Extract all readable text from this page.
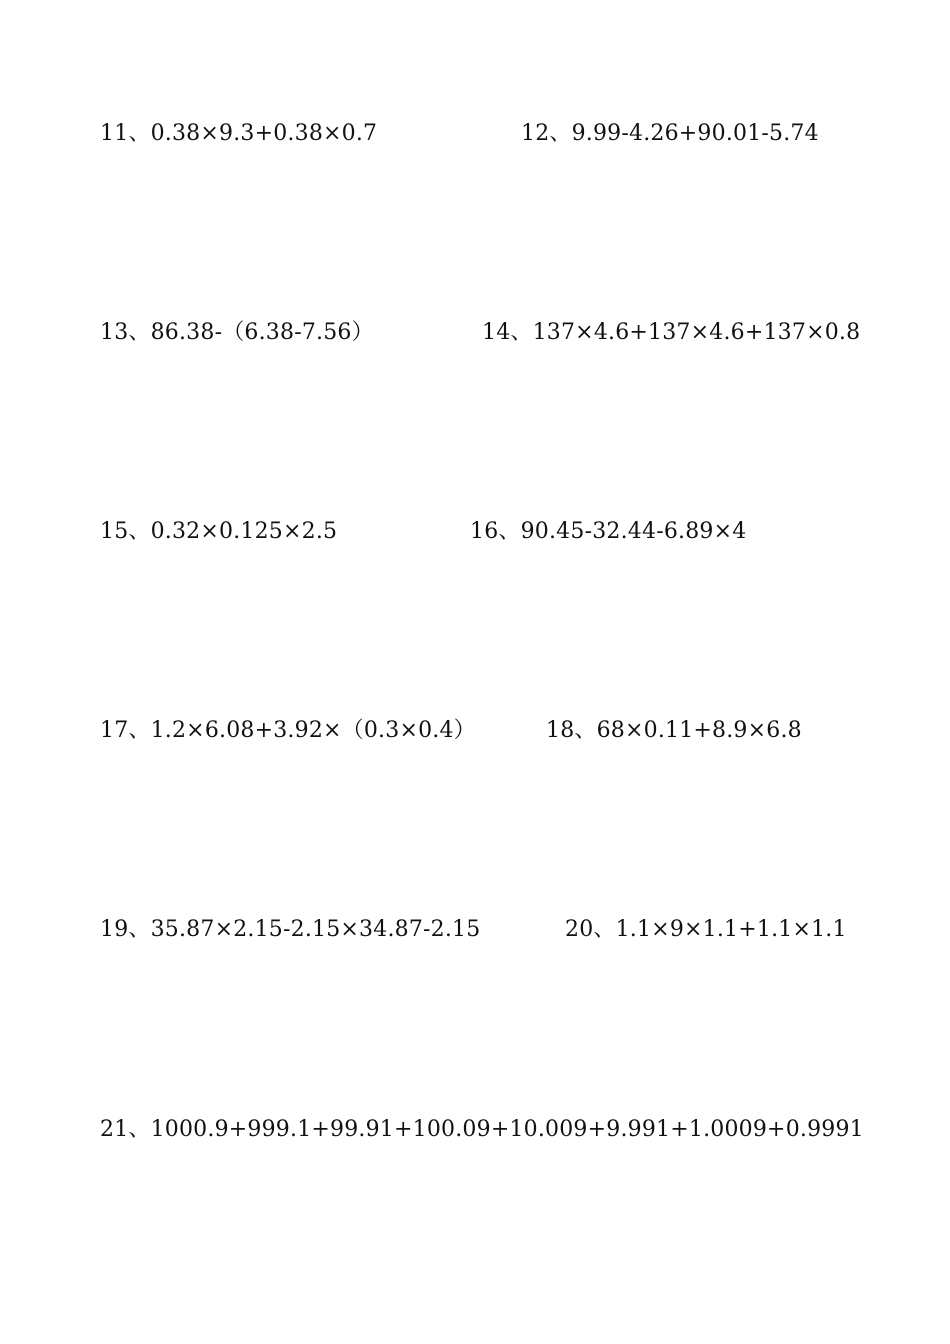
11、0.38×9.3+0.38×0.7	12、9.99-4.26+90.01-5.74
13、86.38-（6.38-7.56）	14、137×4.6+137×4.6+137×0.8
15、0.32×0.125×2.5	16、90.45-32.44-6.89×4
17、1.2×6.08+3.92×（0.3×0.4）	18、68×0.11+8.9×6.8
19、35.87×2.15-2.15×34.87-2.15	20、1.1×9×1.1+1.1×1.1
21、1000.9+999.1+99.91+100.09+10.009+9.991+1.0009+0.9991
